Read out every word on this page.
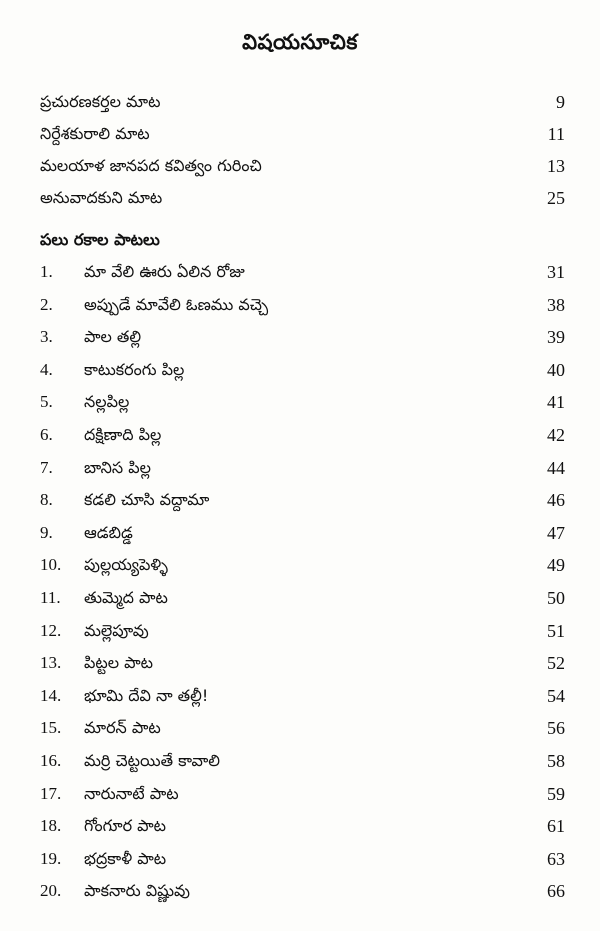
విషయసూచిక
ప్రచురణకర్తల మాట	9
నిర్దేశకురాలి మాట	11
మలయాళ జానపద కవిత్వం గురించి	13
అనువాదకుని మాట	25
పలు రకాల పాటలు
1.	మా వేలి ఊరు ఏలిన రోజు	31
2.	అప్పుడే మావేలి ఓణము వచ్చె	38
3.	పాల తల్లి	39
4.	కాటుకరంగు పిల్ల	40
5.	నల్లపిల్ల	41
6.	దక్షిణాది పిల్ల	42
7.	బానిస పిల్ల	44
8.	కడలి చూసి వద్దామా	46
9.	ఆడబిడ్డ	47
10.	పుల్లయ్యపెళ్ళి	49
11.	తుమ్మెద పాట	50
12.	మల్లెపూవు	51
13.	పిట్టల పాట	52
14.	భూమి దేవి నా తల్లీ!	54
15.	మారన్ పాట	56
16.	మర్రి చెట్టయితే కావాలి	58
17.	నారునాటే పాట	59
18.	గోంగూర పాట	61
19.	భద్రకాళీ పాట	63
20.	పాకనారు విష్ణువు	66
